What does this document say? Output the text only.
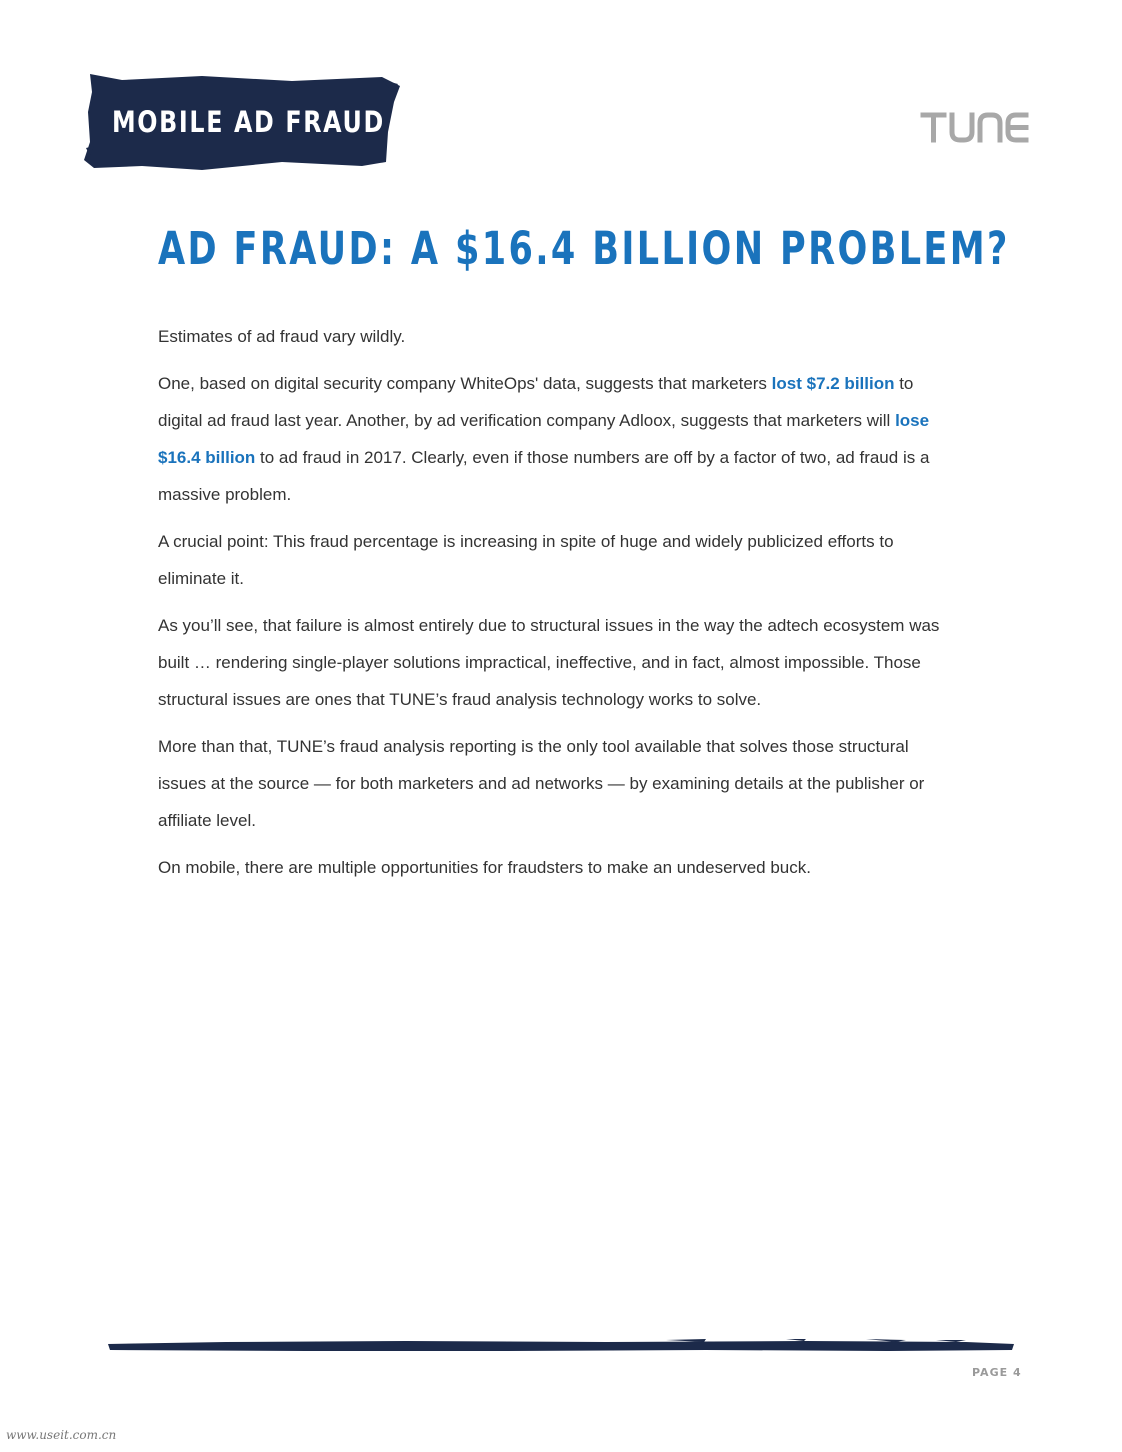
MOBILE AD FRAUD
AD FRAUD: A $16.4 BILLION PROBLEM?

Estimates of ad fraud vary wildly.

One, based on digital security company WhiteOps' data, suggests that marketers lost $7.2 billion to digital ad fraud last year. Another, by ad verification company Adloox, suggests that marketers will lose $16.4 billion to ad fraud in 2017. Clearly, even if those numbers are off by a factor of two, ad fraud is a massive problem.

A crucial point: This fraud percentage is increasing in spite of huge and widely publicized efforts to eliminate it.

As you’ll see, that failure is almost entirely due to structural issues in the way the adtech ecosystem was built … rendering single-player solutions impractical, ineffective, and in fact, almost impossible. Those structural issues are ones that TUNE’s fraud analysis technology works to solve.

More than that, TUNE’s fraud analysis reporting is the only tool available that solves those structural issues at the source — for both marketers and ad networks — by examining details at the publisher or affiliate level.

On mobile, there are multiple opportunities for fraudsters to make an undeserved buck.

PAGE 4
www.useit.com.cn
